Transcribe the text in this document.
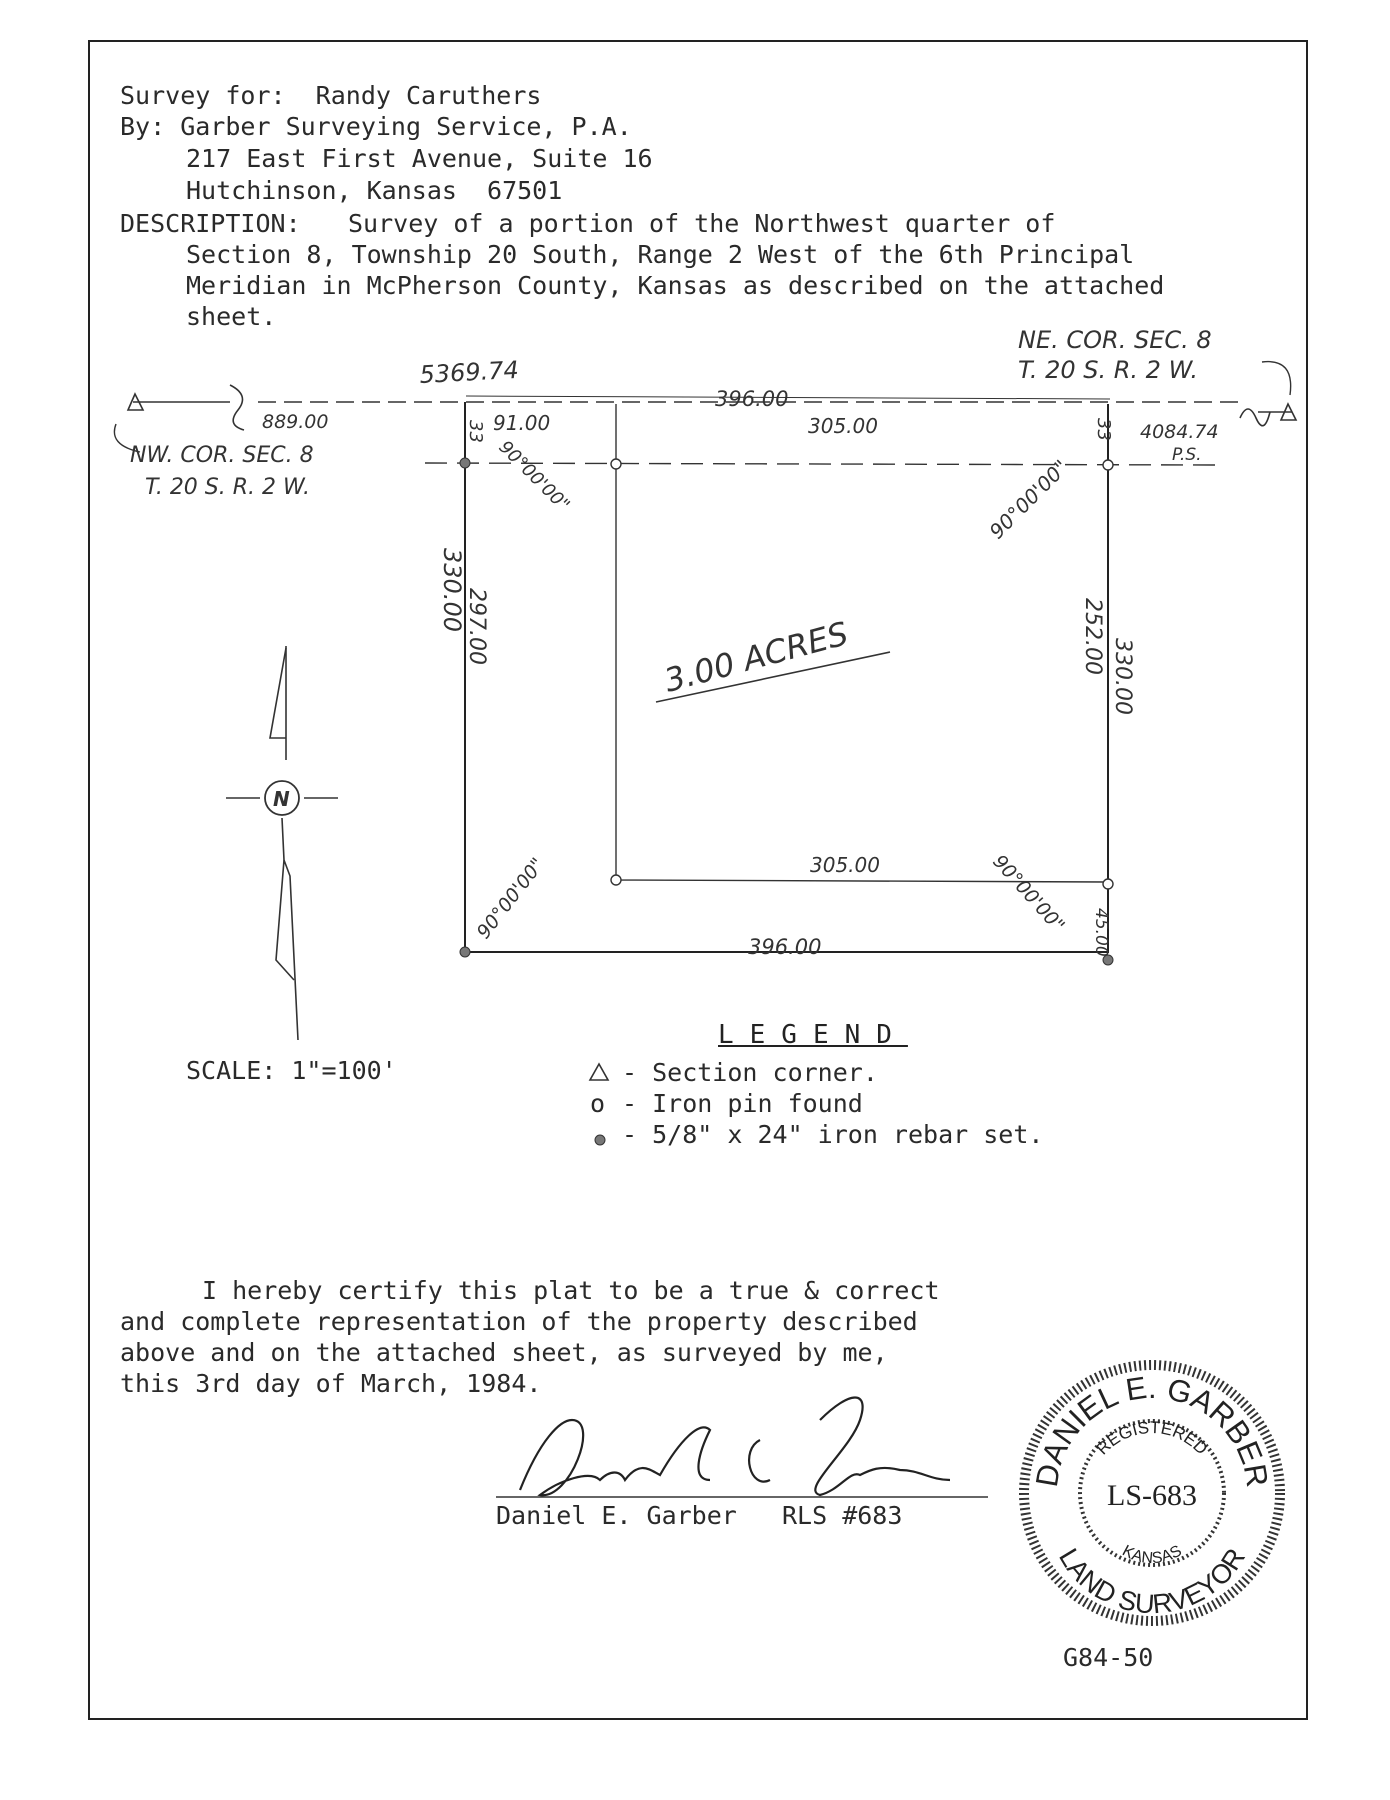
Survey for:  Randy Caruthers
By: Garber Surveying Service, P.A.
217 East First Avenue, Suite 16
Hutchinson, Kansas  67501
DESCRIPTION: Survey of a portion of the Northwest quarter of
Section 8, Township 20 South, Range 2 West of the 6th Principal
Meridian in McPherson County, Kansas as described on the attached
sheet.
NE. COR. SEC. 8
T. 20 S. R. 2 W.
5369.74
889.00	4084.74
P.S.
NW. COR. SEC. 8
T. 20 S. R. 2 W.
396.00
91.00	305.00	33
33
90°00'00"	90°00'00"
90°00'00"	90°00'00"
330.00
297.00	252.00
330.00
3.00 ACRES
305.00
396.00	45.00
N
SCALE: 1"=100'
LEGEND
- Section corner.
o - Iron pin found
- 5/8" x 24" iron rebar set.
I hereby certify this plat to be a true & correct
and complete representation of the property described
above and on the attached sheet, as surveyed by me,
this 3rd day of March, 1984.
Daniel E. Garber RLS #683
DANIEL E. GARBER
REGISTERED
LS-683
KANSAS
LAND SURVEYOR
G84-50
